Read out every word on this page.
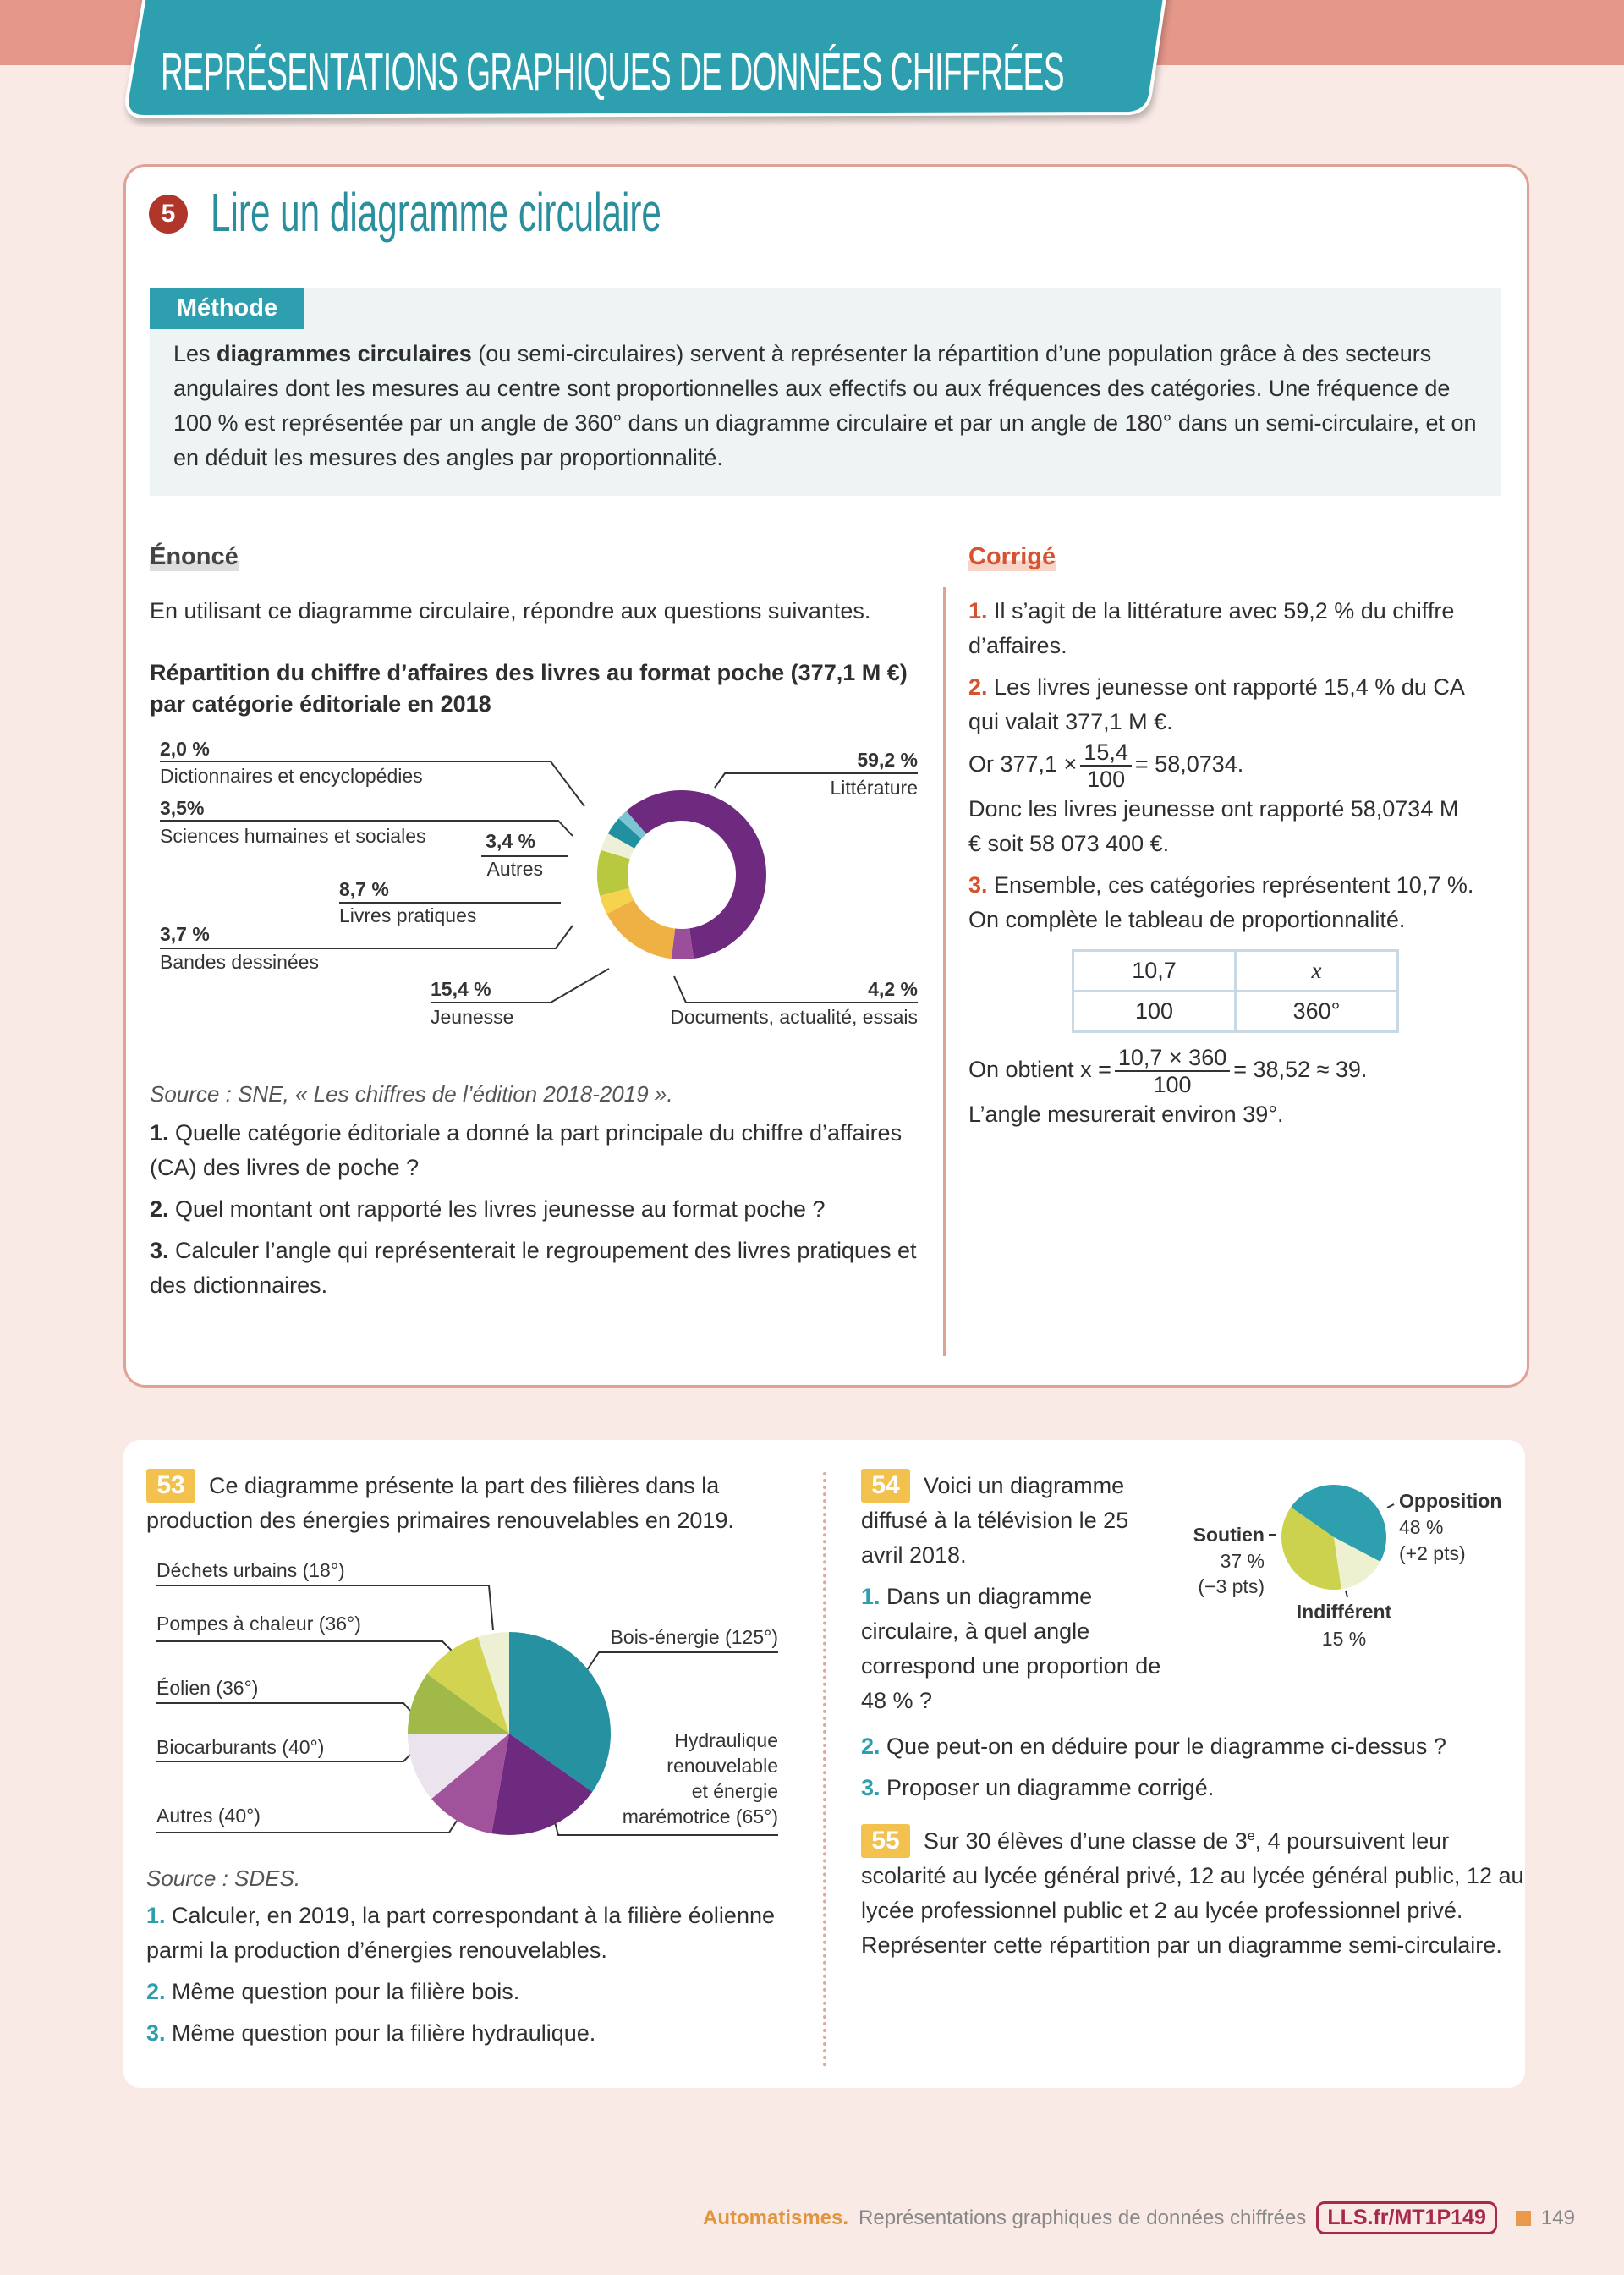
REPRÉSENTATIONS GRAPHIQUES DE DONNÉES CHIFFRÉES
5 Lire un diagramme circulaire
Méthode
Les diagrammes circulaires (ou semi-circulaires) servent à représenter la répartition d’une population grâce à des secteurs angulaires dont les mesures au centre sont proportionnelles aux effectifs ou aux fréquences des catégories. Une fréquence de 100 % est représentée par un angle de 360° dans un diagramme circulaire et par un angle de 180° dans un semi-circulaire, et on en déduit les mesures des angles par proportionnalité.
Énoncé	Corrigé
En utilisant ce diagramme circulaire, répondre aux questions suivantes.
Répartition du chiffre d’affaires des livres au format poche (377,1 M €) par catégorie éditoriale en 2018
2,0 %
Dictionnaires et encyclopédies
3,5%
Sciences humaines et sociales	3,4 %
Autres
8,7 %
Livres pratiques
3,7 %
Bandes dessinées
15,4 %
Jeunesse
4,2 %
Documents, actualité, essais
59,2 %
Littérature
Source : SNE, « Les chiffres de l’édition 2018-2019 ».
1. Quelle catégorie éditoriale a donné la part principale du chiffre d’affaires (CA) des livres de poche ?
2. Quel montant ont rapporté les livres jeunesse au format poche ?
3. Calculer l’angle qui représenterait le regroupement des livres pratiques et des dictionnaires.
1. Il s’agit de la littérature avec 59,2 % du chiffre d’affaires.
2. Les livres jeunesse ont rapporté 15,4 % du CA qui valait 377,1 M €.
Or $377,1 \times \frac{15,4}{100} = 58,0734$.
Donc les livres jeunesse ont rapporté 58,0734 M € soit 58 073 400 €.
3. Ensemble, ces catégories représentent 10,7 %. On complète le tableau de proportionnalité.
10,7	x
100	360°
On obtient $x = \frac{10,7 \times 360}{100} = 38,52 \approx 39$.
L’angle mesurerait environ 39°.
53 Ce diagramme présente la part des filières dans la production des énergies primaires renouvelables en 2019.
Déchets urbains (18°)
Pompes à chaleur (36°)
Éolien (36°)
Biocarburants (40°)
Autres (40°)
Bois-énergie (125°)
Hydraulique
renouvelable
et énergie
marémotrice (65°)
Source : SDES.
1. Calculer, en 2019, la part correspondant à la filière éolienne parmi la production d’énergies renouvelables.
2. Même question pour la filière bois.
3. Même question pour la filière hydraulique.
Opposition
48 %
(+2 pts)
Soutien
37 %
(−3 pts)
Indifférent
15 %
54 Voici un diagramme diffusé à la télévision le 25 avril 2018.
1. Dans un diagramme circulaire, à quel angle correspond une proportion de 48 % ?
2. Que peut-on en déduire pour le diagramme ci-dessus ?
3. Proposer un diagramme corrigé.
55 Sur 30 élèves d’une classe de 3e, 4 poursuivent leur scolarité au lycée général privé, 12 au lycée général public, 12 au lycée professionnel public et 2 au lycée professionnel privé. Représenter cette répartition par un diagramme semi-circulaire.
Automatismes. Représentations graphiques de données chiffrées	LLS.fr/MT1P149	149
